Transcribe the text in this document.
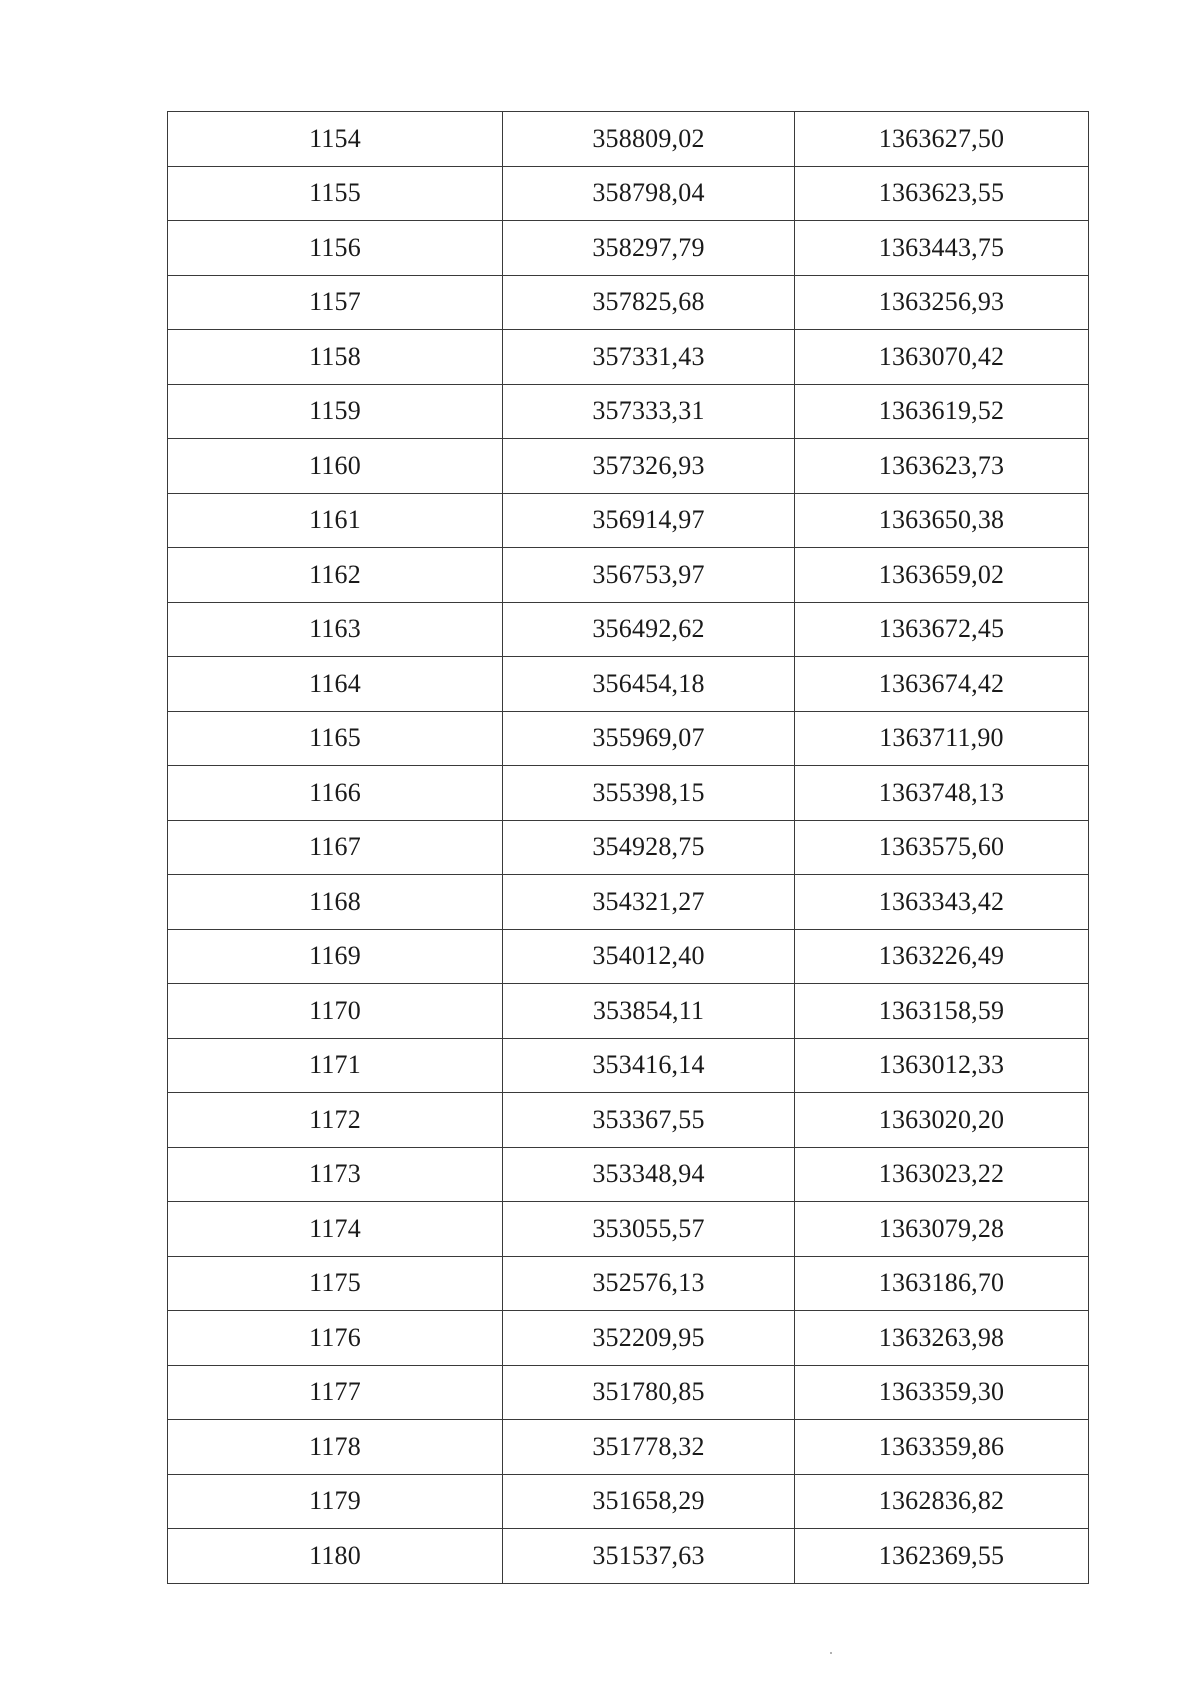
1154	358809,02	1363627,50
1155	358798,04	1363623,55
1156	358297,79	1363443,75
1157	357825,68	1363256,93
1158	357331,43	1363070,42
1159	357333,31	1363619,52
1160	357326,93	1363623,73
1161	356914,97	1363650,38
1162	356753,97	1363659,02
1163	356492,62	1363672,45
1164	356454,18	1363674,42
1165	355969,07	1363711,90
1166	355398,15	1363748,13
1167	354928,75	1363575,60
1168	354321,27	1363343,42
1169	354012,40	1363226,49
1170	353854,11	1363158,59
1171	353416,14	1363012,33
1172	353367,55	1363020,20
1173	353348,94	1363023,22
1174	353055,57	1363079,28
1175	352576,13	1363186,70
1176	352209,95	1363263,98
1177	351780,85	1363359,30
1178	351778,32	1363359,86
1179	351658,29	1362836,82
1180	351537,63	1362369,55
